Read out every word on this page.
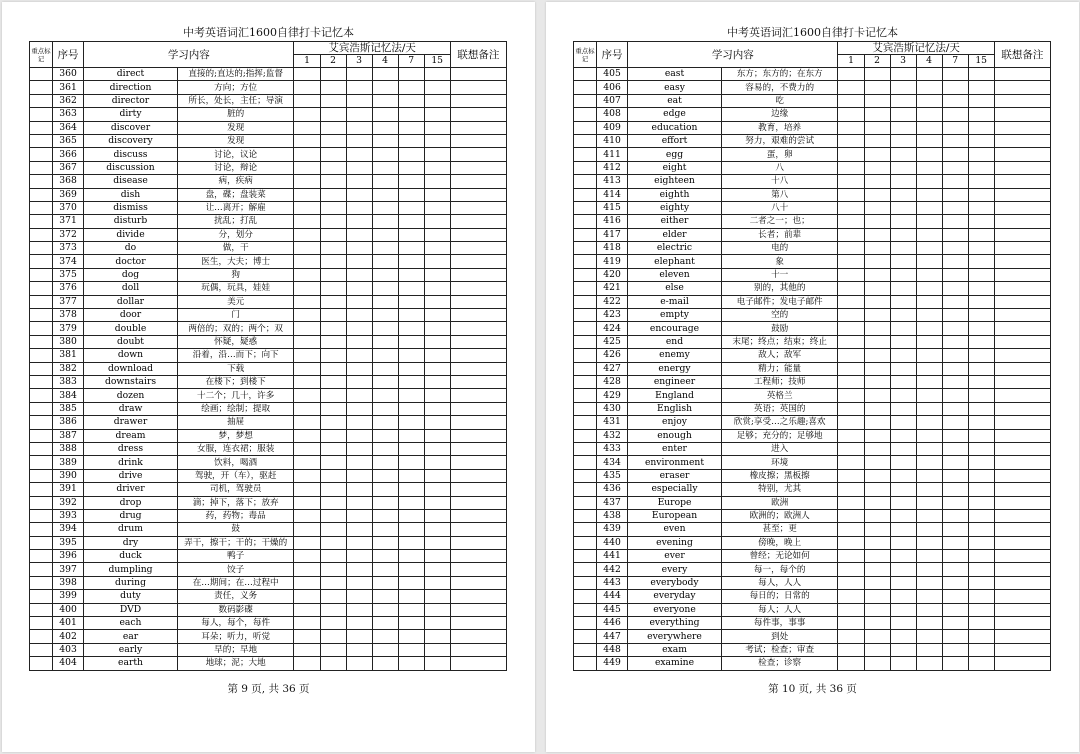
中考英语词汇1600自律打卡记忆本
重点标记	序号	学习内容		艾宾浩斯记忆法/天						联想备注
				1	2	3	4	7	15	
	360	direct	直接的;直达的;指挥;监督							
	361	direction	方向；方位							
	362	director	所长，处长，主任；导演							
	363	dirty	脏的							
	364	discover	发现							
	365	discovery	发现							
	366	discuss	讨论，议论							
	367	discussion	讨论，辩论							
	368	disease	病，疾病							
	369	dish	盘，碟；盘装菜							
	370	dismiss	让…离开；解雇							
	371	disturb	扰乱；打乱							
	372	divide	分，划分							
	373	do	做，干							
	374	doctor	医生，大夫；博士							
	375	dog	狗							
	376	doll	玩偶，玩具，娃娃							
	377	dollar	美元							
	378	door	门							
	379	double	两倍的；双的；两个；双							
	380	doubt	怀疑，疑惑							
	381	down	沿着，沿…而下；向下							
	382	download	下载							
	383	downstairs	在楼下；到楼下							
	384	dozen	十二个；几十，许多							
	385	draw	绘画；绘制；提取							
	386	drawer	抽屉							
	387	dream	梦，梦想							
	388	dress	女服，连衣裙；服装							
	389	drink	饮料，喝酒							
	390	drive	驾驶，开（车），驱赶							
	391	driver	司机，驾驶员							
	392	drop	滴；掉下，落下；放弃							
	393	drug	药，药物；毒品							
	394	drum	鼓							
	395	dry	弄干，擦干；干的；干燥的							
	396	duck	鸭子							
	397	dumpling	饺子							
	398	during	在…期间；在…过程中							
	399	duty	责任，义务							
	400	DVD	数码影碟							
	401	each	每人，每个，每件							
	402	ear	耳朵；听力，听觉							
	403	early	早的；早地							
	404	earth	地球；泥；大地							
第 9 页, 共 36 页
中考英语词汇1600自律打卡记忆本
重点标记	序号	学习内容		艾宾浩斯记忆法/天						联想备注
				1	2	3	4	7	15	
	405	east	东方；东方的；在东方							
	406	easy	容易的，不费力的							
	407	eat	吃							
	408	edge	边缘							
	409	education	教育，培养							
	410	effort	努力，艰难的尝试							
	411	egg	蛋，卵							
	412	eight	八							
	413	eighteen	十八							
	414	eighth	第八							
	415	eighty	八十							
	416	either	二者之一；也；							
	417	elder	长者；前辈							
	418	electric	电的							
	419	elephant	象							
	420	eleven	十一							
	421	else	别的，其他的							
	422	e-mail	电子邮件；发电子邮件							
	423	empty	空的							
	424	encourage	鼓励							
	425	end	末尾；终点；结束；终止							
	426	enemy	敌人；敌军							
	427	energy	精力；能量							
	428	engineer	工程师；技师							
	429	England	英格兰							
	430	English	英语；英国的							
	431	enjoy	欣赏;享受…之乐趣;喜欢							
	432	enough	足够；充分的；足够地							
	433	enter	进入							
	434	environment	环境							
	435	eraser	橡皮擦；黑板擦							
	436	especially	特别，尤其							
	437	Europe	欧洲							
	438	European	欧洲的；欧洲人							
	439	even	甚至；更							
	440	evening	傍晚，晚上							
	441	ever	曾经；无论如何							
	442	every	每一，每个的							
	443	everybody	每人，人人							
	444	everyday	每日的；日常的							
	445	everyone	每人；人人							
	446	everything	每件事，事事							
	447	everywhere	到处							
	448	exam	考试；检查；审查							
	449	examine	检查；诊察							
第 10 页, 共 36 页
